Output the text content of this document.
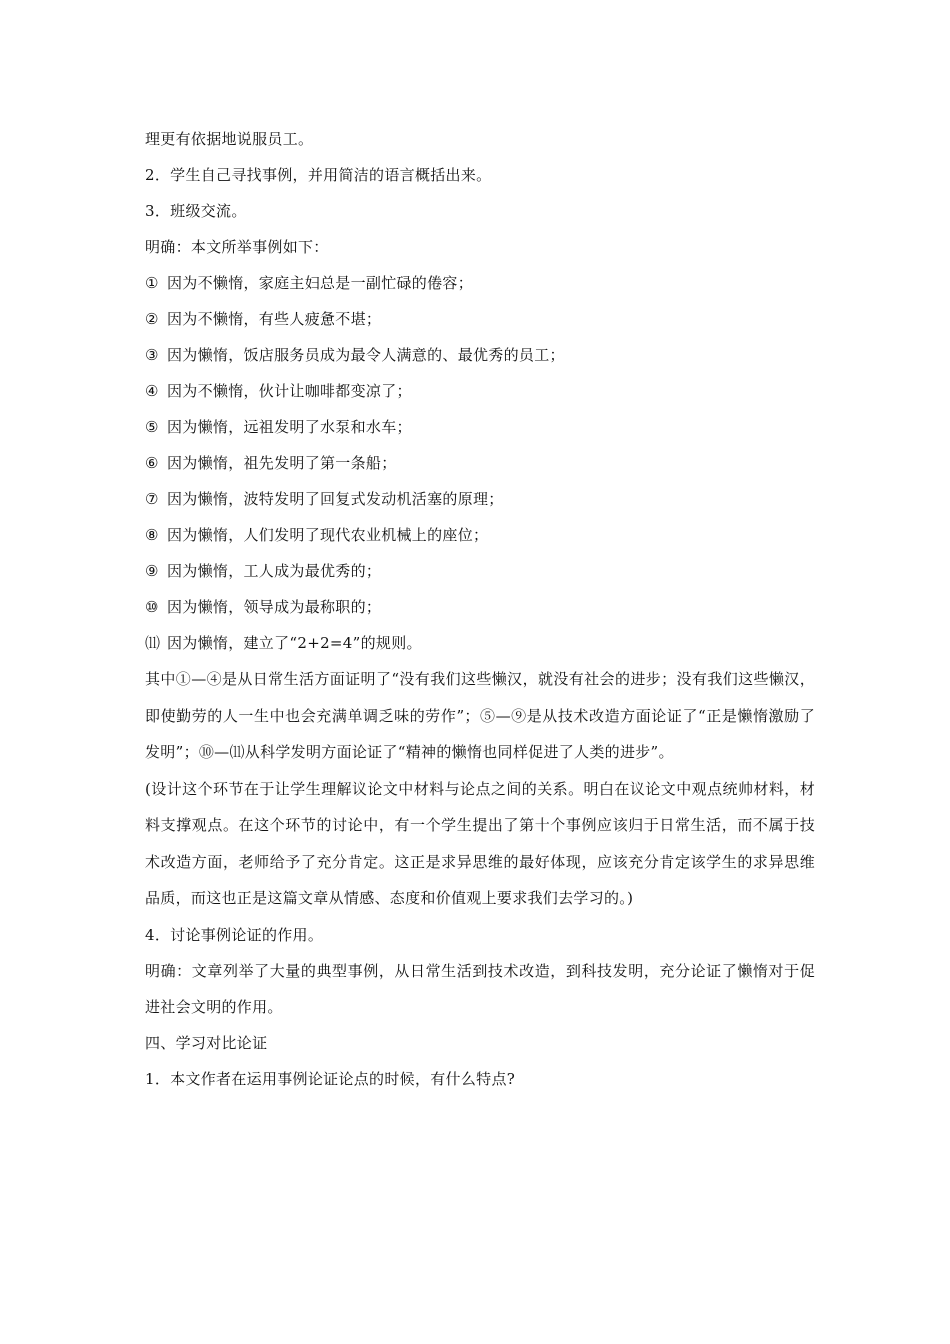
理更有依据地说服员工。
2．学生自己寻找事例，并用简洁的语言概括出来。
3．班级交流。
明确：本文所举事例如下：
① 因为不懒惰，家庭主妇总是一副忙碌的倦容；
② 因为不懒惰，有些人疲惫不堪；
③ 因为懒惰，饭店服务员成为最令人满意的、最优秀的员工；
④ 因为不懒惰，伙计让咖啡都变凉了；
⑤ 因为懒惰，远祖发明了水泵和水车；
⑥ 因为懒惰，祖先发明了第一条船；
⑦ 因为懒惰，波特发明了回复式发动机活塞的原理；
⑧ 因为懒惰，人们发明了现代农业机械上的座位；
⑨ 因为懒惰，工人成为最优秀的；
⑩ 因为懒惰，领导成为最称职的；
⑾ 因为懒惰，建立了“2+2=4”的规则。
其中①—④是从日常生活方面证明了“没有我们这些懒汉，就没有社会的进步；没有我们这些懒汉，即使勤劳的人一生中也会充满单调乏味的劳作”；⑤—⑨是从技术改造方面论证了“正是懒惰激励了发明”；⑩—⑾从科学发明方面论证了“精神的懒惰也同样促进了人类的进步”。
(设计这个环节在于让学生理解议论文中材料与论点之间的关系。明白在议论文中观点统帅材料，材料支撑观点。在这个环节的讨论中，有一个学生提出了第十个事例应该归于日常生活，而不属于技术改造方面，老师给予了充分肯定。这正是求异思维的最好体现，应该充分肯定该学生的求异思维品质，而这也正是这篇文章从情感、态度和价值观上要求我们去学习的。)
4．讨论事例论证的作用。
明确：文章列举了大量的典型事例，从日常生活到技术改造，到科技发明，充分论证了懒惰对于促进社会文明的作用。
四、学习对比论证
1．本文作者在运用事例论证论点的时候，有什么特点?
